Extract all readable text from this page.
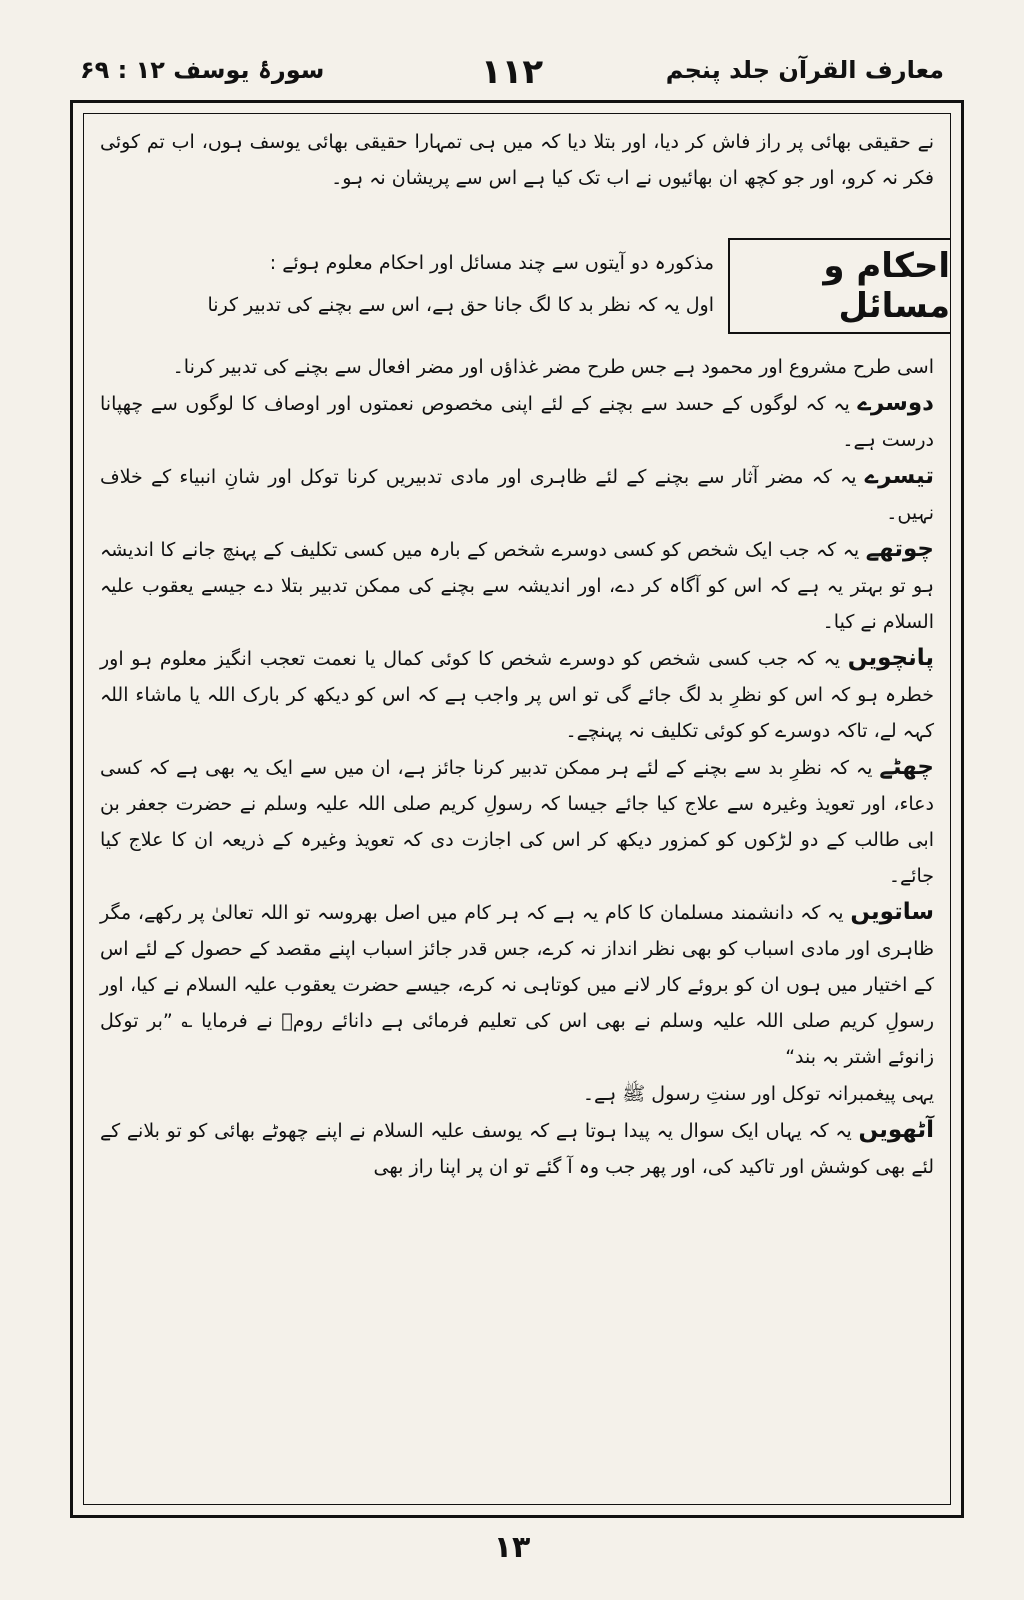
معارف القرآن جلد پنجم
۱۱۲
سورۂ یوسف ۱۲ : ۶۹

نے حقیقی بھائی پر راز فاش کر دیا، اور بتلا دیا کہ میں ہی تمہارا حقیقی بھائی یوسف ہوں، اب تم کوئی فکر نہ کرو، اور جو کچھ ان بھائیوں نے اب تک کیا ہے اس سے پریشان نہ ہو۔

احکام و مسائل

مذکورہ دو آیتوں سے چند مسائل اور احکام معلوم ہوئے :

اول یہ کہ نظر بد کا لگ جانا حق ہے، اس سے بچنے کی تدبیر کرنا

اسی طرح مشروع اور محمود ہے جس طرح مضر غذاؤں اور مضر افعال سے بچنے کی تدبیر کرنا۔

دوسرے یہ کہ لوگوں کے حسد سے بچنے کے لئے اپنی مخصوص نعمتوں اور اوصاف کا لوگوں سے چھپانا درست ہے۔

تیسرے یہ کہ مضر آثار سے بچنے کے لئے ظاہری اور مادی تدبیریں کرنا توکل اور شانِ انبیاء کے خلاف نہیں۔

چوتھے یہ کہ جب ایک شخص کو کسی دوسرے شخص کے بارہ میں کسی تکلیف کے پہنچ جانے کا اندیشہ ہو تو بہتر یہ ہے کہ اس کو آگاہ کر دے، اور اندیشہ سے بچنے کی ممکن تدبیر بتلا دے جیسے یعقوب علیہ السلام نے کیا۔

پانچویں یہ کہ جب کسی شخص کو دوسرے شخص کا کوئی کمال یا نعمت تعجب انگیز معلوم ہو اور خطرہ ہو کہ اس کو نظرِ بد لگ جائے گی تو اس پر واجب ہے کہ اس کو دیکھ کر بارک اللہ یا ماشاء اللہ کہہ لے، تاکہ دوسرے کو کوئی تکلیف نہ پہنچے۔

چھٹے یہ کہ نظرِ بد سے بچنے کے لئے ہر ممکن تدبیر کرنا جائز ہے، ان میں سے ایک یہ بھی ہے کہ کسی دعاء، اور تعویذ وغیرہ سے علاج کیا جائے جیسا کہ رسولِ کریم صلی اللہ علیہ وسلم نے حضرت جعفر بن ابی طالب کے دو لڑکوں کو کمزور دیکھ کر اس کی اجازت دی کہ تعویذ وغیرہ کے ذریعہ ان کا علاج کیا جائے۔

ساتویں یہ کہ دانشمند مسلمان کا کام یہ ہے کہ ہر کام میں اصل بھروسہ تو اللہ تعالیٰ پر رکھے، مگر ظاہری اور مادی اسباب کو بھی نظر انداز نہ کرے، جس قدر جائز اسباب اپنے مقصد کے حصول کے لئے اس کے اختیار میں ہوں ان کو بروئے کار لانے میں کوتاہی نہ کرے، جیسے حضرت یعقوب علیہ السلام نے کیا، اور رسولِ کریم صلی اللہ علیہ وسلم نے بھی اس کی تعلیم فرمائی ہے دانائے رومؒ نے فرمایا ؎ ”بر توکل زانوئے اشتر بہ بند“

یہی پیغمبرانہ توکل اور سنتِ رسول ﷺ ہے۔

آٹھویں یہ کہ یہاں ایک سوال یہ پیدا ہوتا ہے کہ یوسف علیہ السلام نے اپنے چھوٹے بھائی کو تو بلانے کے لئے بھی کوشش اور تاکید کی، اور پھر جب وہ آ گئے تو ان پر اپنا راز بھی

۱۳
